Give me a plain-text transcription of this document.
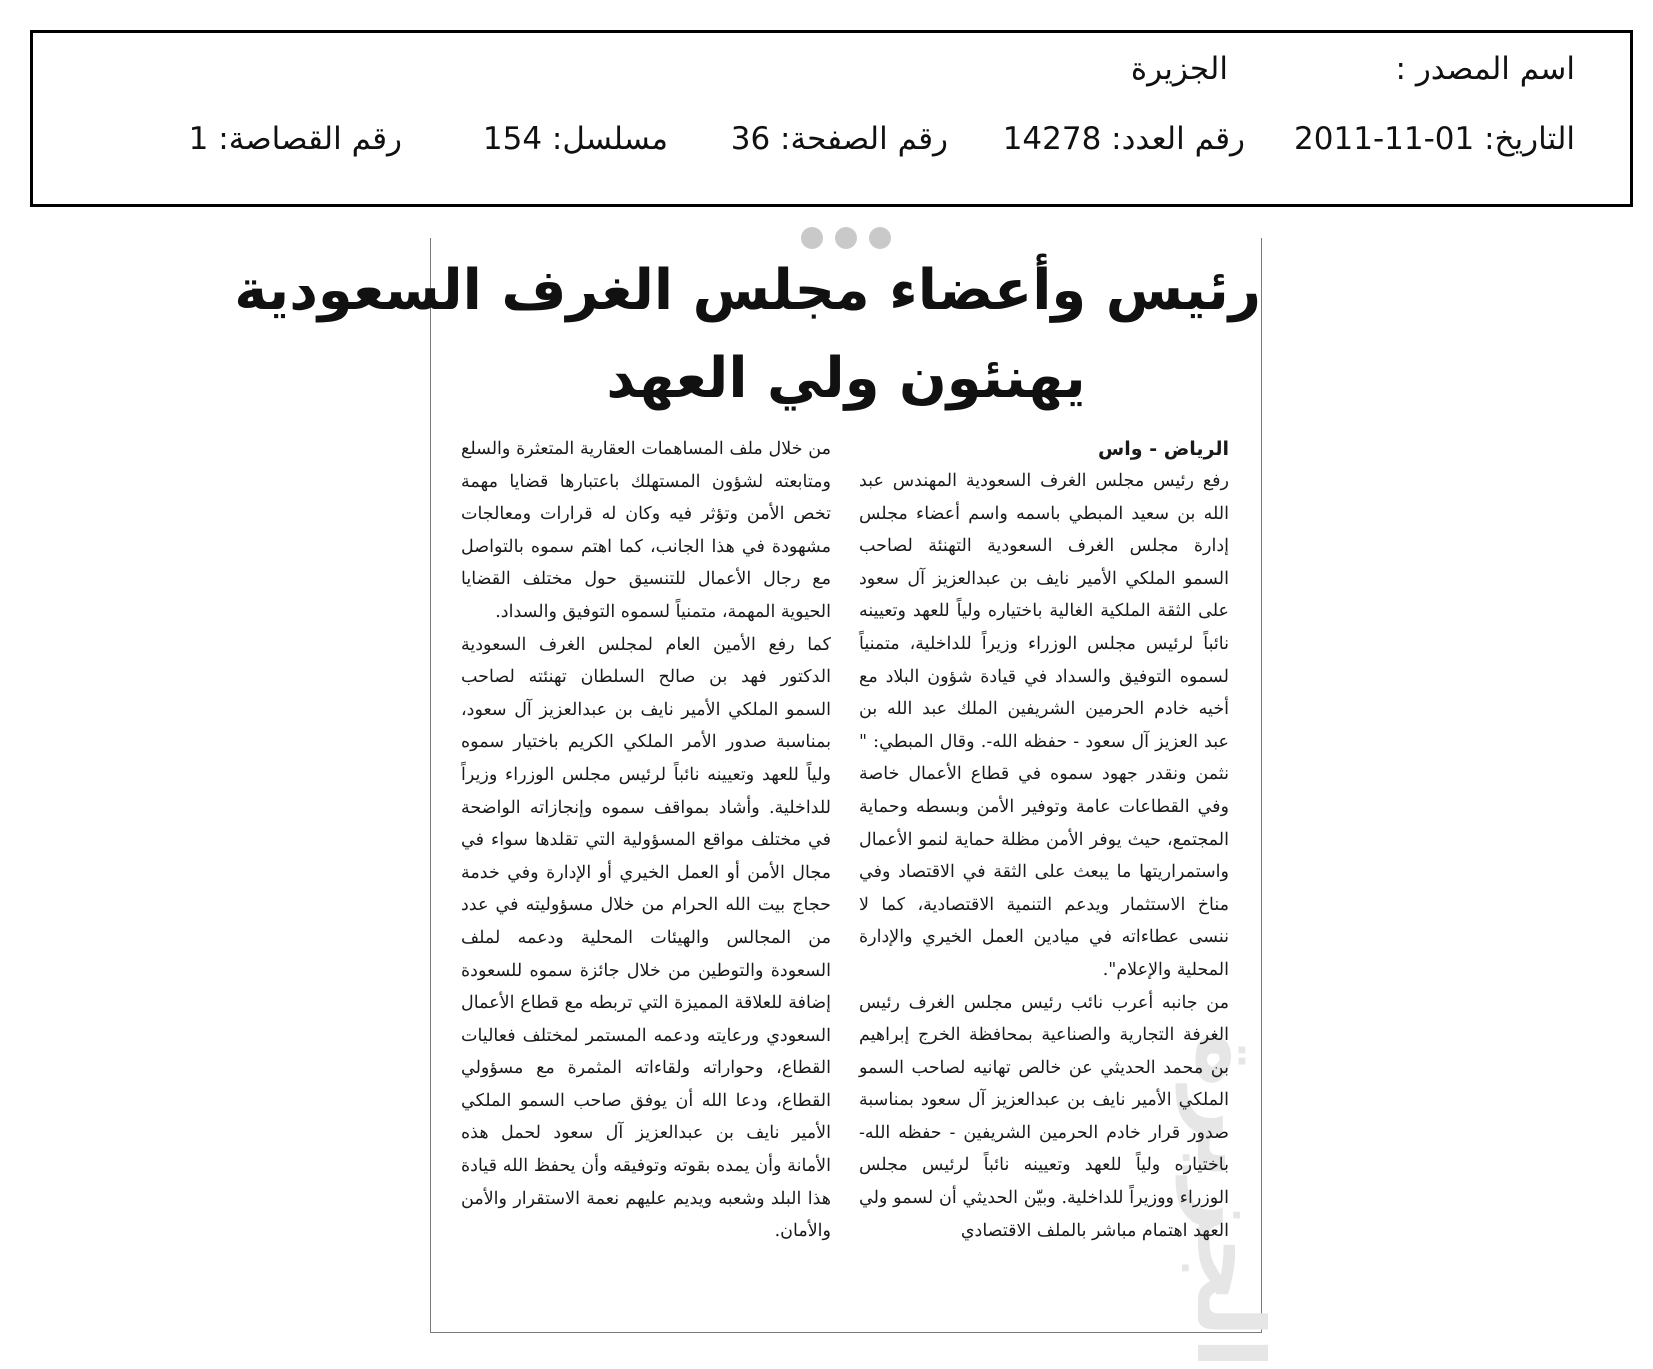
اسم المصدر :
الجزيرة
التاريخ: 01-11-2011
رقم العدد: 14278
رقم الصفحة: 36
مسلسل: 154
رقم القصاصة: 1
رئيس وأعضاء مجلس الغرف السعودية
يهنئون ولي العهد
الجزيرة

الرياض - واس

رفع رئيس مجلس الغرف السعودية المهندس عبد الله بن سعيد المبطي باسمه واسم أعضاء مجلس إدارة مجلس الغرف السعودية التهنئة لصاحب السمو الملكي الأمير نايف بن عبدالعزيز آل سعود على الثقة الملكية الغالية باختياره ولياً للعهد وتعيينه نائباً لرئيس مجلس الوزراء وزيراً للداخلية، متمنياً لسموه التوفيق والسداد في قيادة شؤون البلاد مع أخيه خادم الحرمين الشريفين الملك عبد الله بن عبد العزيز آل سعود - حفظه الله-. وقال المبطي: " نثمن ونقدر جهود سموه في قطاع الأعمال خاصة وفي القطاعات عامة وتوفير الأمن وبسطه وحماية المجتمع، حيث يوفر الأمن مظلة حماية لنمو الأعمال واستمراريتها ما يبعث على الثقة في الاقتصاد وفي مناخ الاستثمار ويدعم التنمية الاقتصادية، كما لا ننسى عطاءاته في ميادين العمل الخيري والإدارة المحلية والإعلام".

من جانبه أعرب نائب رئيس مجلس الغرف رئيس الغرفة التجارية والصناعية بمحافظة الخرج إبراهيم بن محمد الحديثي عن خالص تهانيه لصاحب السمو الملكي الأمير نايف بن عبدالعزيز آل سعود بمناسبة صدور قرار خادم الحرمين الشريفين - حفظه الله- باختياره ولياً للعهد وتعيينه نائباً لرئيس مجلس الوزراء ووزيراً للداخلية. وبيّن الحديثي أن لسمو ولي العهد اهتمام مباشر بالملف الاقتصادي

من خلال ملف المساهمات العقارية المتعثرة والسلع ومتابعته لشؤون المستهلك باعتبارها قضايا مهمة تخص الأمن وتؤثر فيه وكان له قرارات ومعالجات مشهودة في هذا الجانب، كما اهتم سموه بالتواصل مع رجال الأعمال للتنسيق حول مختلف القضايا الحيوية المهمة، متمنياً لسموه التوفيق والسداد.

كما رفع الأمين العام لمجلس الغرف السعودية الدكتور فهد بن صالح السلطان تهنئته لصاحب السمو الملكي الأمير نايف بن عبدالعزيز آل سعود، بمناسبة صدور الأمر الملكي الكريم باختيار سموه ولياً للعهد وتعيينه نائباً لرئيس مجلس الوزراء وزيراً للداخلية. وأشاد بمواقف سموه وإنجازاته الواضحة في مختلف مواقع المسؤولية التي تقلدها سواء في مجال الأمن أو العمل الخيري أو الإدارة وفي خدمة حجاج بيت الله الحرام من خلال مسؤوليته في عدد من المجالس والهيئات المحلية ودعمه لملف السعودة والتوطين من خلال جائزة سموه للسعودة إضافة للعلاقة المميزة التي تربطه مع قطاع الأعمال السعودي ورعايته ودعمه المستمر لمختلف فعاليات القطاع، وحواراته ولقاءاته المثمرة مع مسؤولي القطاع، ودعا الله أن يوفق صاحب السمو الملكي الأمير نايف بن عبدالعزيز آل سعود لحمل هذه الأمانة وأن يمده بقوته وتوفيقه وأن يحفظ الله قيادة هذا البلد وشعبه ويديم عليهم نعمة الاستقرار والأمن والأمان.
